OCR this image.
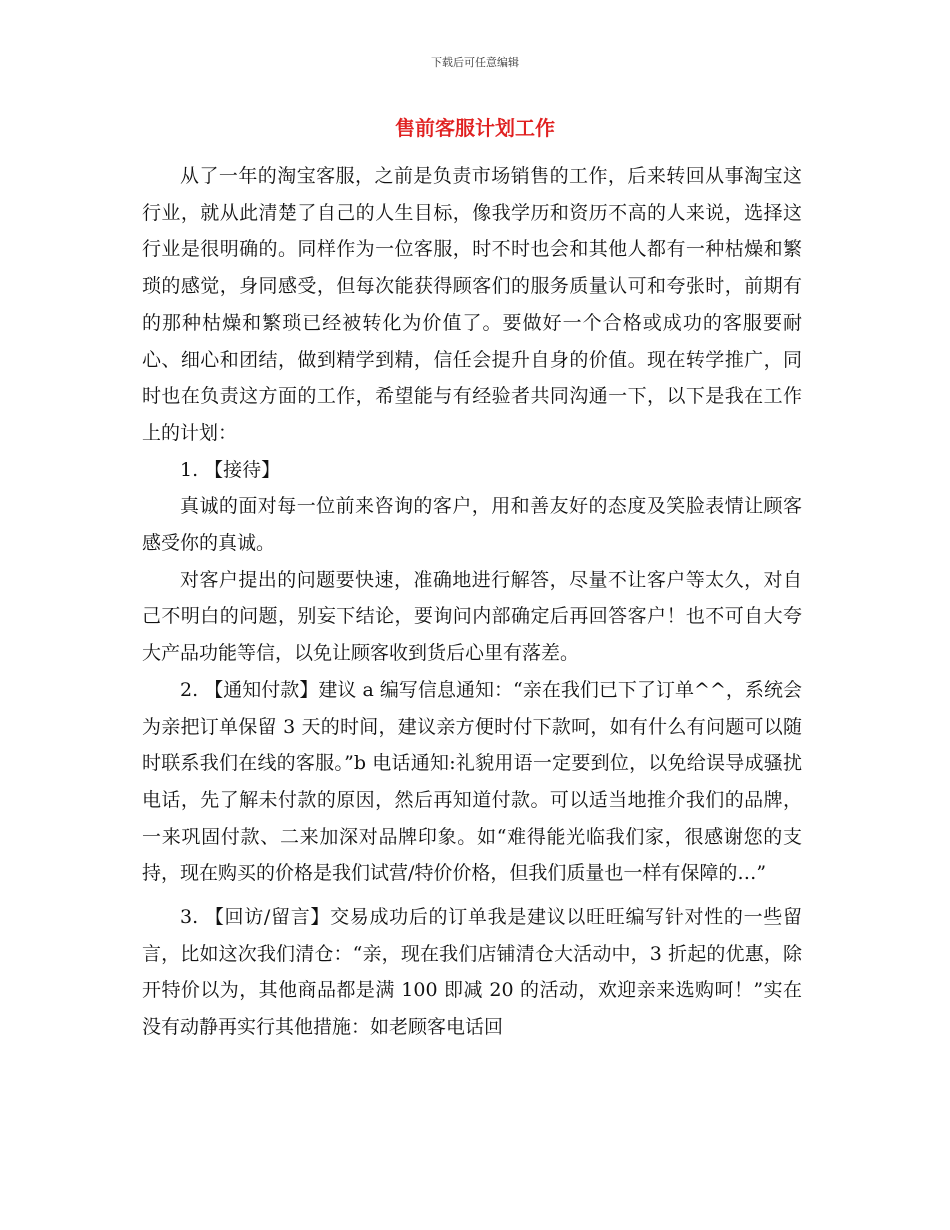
下载后可任意编辑
售前客服计划工作

从了一年的淘宝客服，之前是负责市场销售的工作，后来转回从事淘宝这行业，就从此清楚了自己的人生目标，像我学历和资历不高的人来说，选择这行业是很明确的。同样作为一位客服，时不时也会和其他人都有一种枯燥和繁琐的感觉，身同感受，但每次能获得顾客们的服务质量认可和夸张时，前期有的那种枯燥和繁琐已经被转化为价值了。要做好一个合格或成功的客服要耐心、细心和团结，做到精学到精，信任会提升自身的价值。现在转学推广，同时也在负责这方面的工作，希望能与有经验者共同沟通一下，以下是我在工作上的计划：

1. 【接待】

真诚的面对每一位前来咨询的客户，用和善友好的态度及笑脸表情让顾客感受你的真诚。

对客户提出的问题要快速，准确地进行解答，尽量不让客户等太久，对自己不明白的问题，别妄下结论，要询问内部确定后再回答客户！也不可自大夸大产品功能等信，以免让顾客收到货后心里有落差。

2. 【通知付款】建议 a 编写信息通知：“亲在我们已下了订单^^，系统会为亲把订单保留 3 天的时间，建议亲方便时付下款呵，如有什么有问题可以随时联系我们在线的客服。”b 电话通知:礼貌用语一定要到位，以免给误导成骚扰电话，先了解未付款的原因，然后再知道付款。可以适当地推介我们的品牌，一来巩固付款、二来加深对品牌印象。如“难得能光临我们家，很感谢您的支持，现在购买的价格是我们试营/特价价格，但我们质量也一样有保障的…”

3. 【回访/留言】交易成功后的订单我是建议以旺旺编写针对性的一些留言，比如这次我们清仓：“亲，现在我们店铺清仓大活动中，3 折起的优惠，除开特价以为，其他商品都是满 100 即减 20 的活动，欢迎亲来选购呵！”实在没有动静再实行其他措施：如老顾客电话回
